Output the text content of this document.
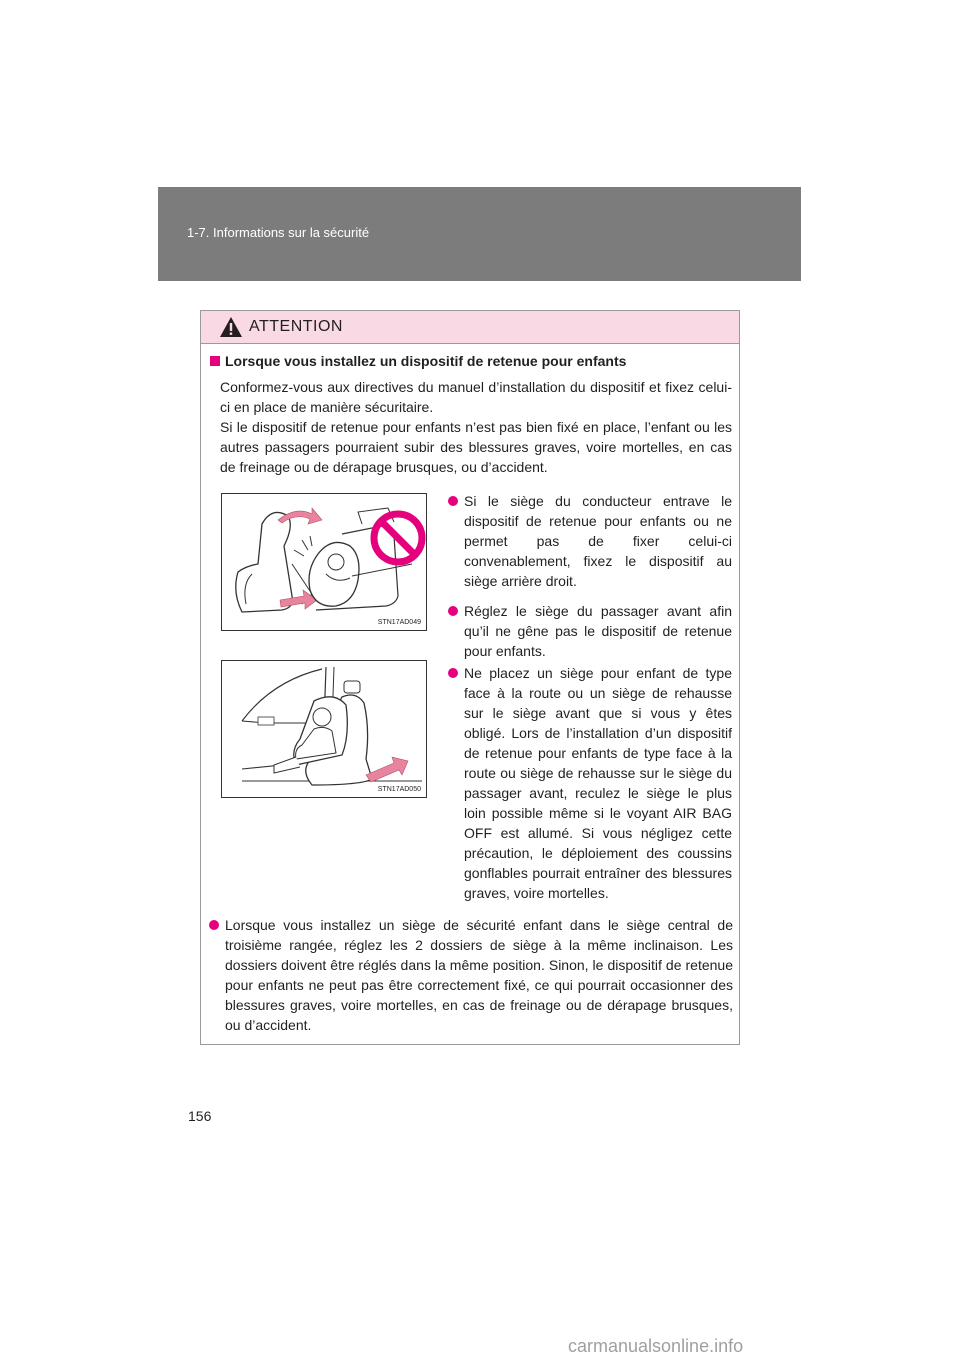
1-7. Informations sur la sécurité
ATTENTION
Lorsque vous installez un dispositif de retenue pour enfants
Conformez-vous aux directives du manuel d’installation du dispositif et fixez celui-ci en place de manière sécuritaire.
Si le dispositif de retenue pour enfants n’est pas bien fixé en place, l’enfant ou les autres passagers pourraient subir des blessures graves, voire mortelles, en cas de freinage ou de dérapage brusques, ou d’accident.
STN17AD049
STN17AD050
Si le siège du conducteur entrave le dispositif de retenue pour enfants ou ne permet pas de fixer celui-ci convenablement, fixez le dispositif au siège arrière droit.
Réglez le siège du passager avant afin qu’il ne gêne pas le dispositif de retenue pour enfants.
Ne placez un siège pour enfant de type face à la route ou un siège de rehausse sur le siège avant que si vous y êtes obligé. Lors de l’installation d’un dispositif de retenue pour enfants de type face à la route ou siège de rehausse sur le siège du passager avant, reculez le siège le plus loin possible même si le voyant AIR BAG OFF est allumé. Si vous négligez cette précaution, le déploiement des coussins gonflables pourrait entraîner des blessures graves, voire mortelles.
Lorsque vous installez un siège de sécurité enfant dans le siège central de troisième rangée, réglez les 2 dossiers de siège à la même inclinaison. Les dossiers doivent être réglés dans la même position. Sinon, le dispositif de retenue pour enfants ne peut pas être correctement fixé, ce qui pourrait occasionner des blessures graves, voire mortelles, en cas de freinage ou de dérapage brusques, ou d’accident.
156
carmanualsonline.info
